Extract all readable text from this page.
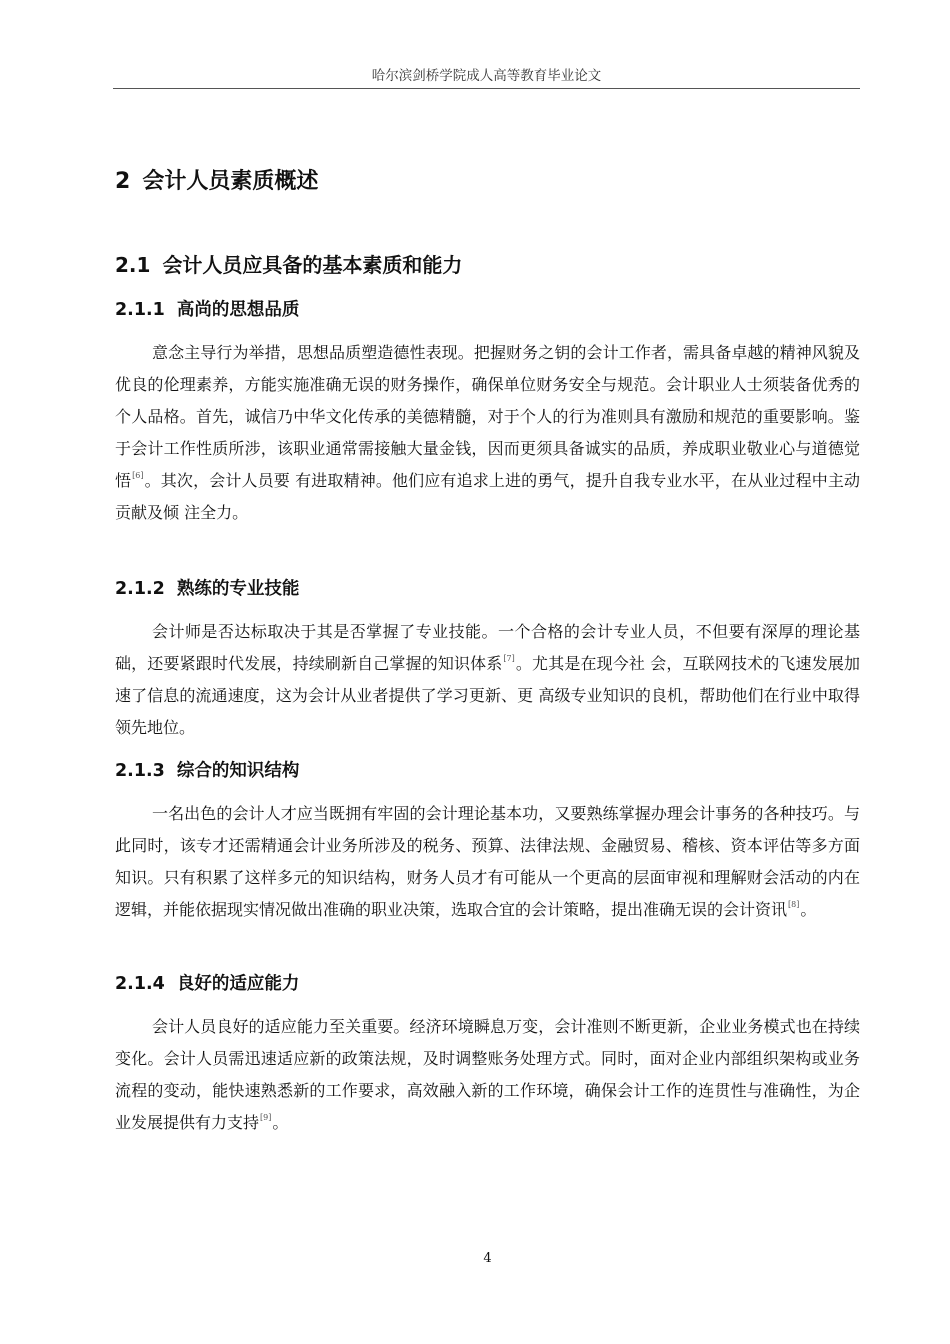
哈尔滨剑桥学院成人高等教育毕业论文
2 会计人员素质概述
2.1 会计人员应具备的基本素质和能力
2.1.1 高尚的思想品质

意念主导行为举措，思想品质塑造德性表现。把握财务之钥的会计工作者，需具备卓越的精神风貌及优良的伦理素养，方能实施准确无误的财务操作，确保单位财务安全与规范。会计职业人士须装备优秀的个人品格。首先，诚信乃中华文化传承的美德精髓，对于个人的行为准则具有激励和规范的重要影响。鉴于会计工作性质所涉，该职业通常需接触大量金钱，因而更须具备诚实的品质，养成职业敬业心与道德觉悟[6]。其次，会计人员要 有进取精神。他们应有追求上进的勇气，提升自我专业水平，在从业过程中主动贡献及倾 注全力。

2.1.2 熟练的专业技能

会计师是否达标取决于其是否掌握了专业技能。一个合格的会计专业人员，不但要有深厚的理论基础，还要紧跟时代发展，持续刷新自己掌握的知识体系[7]。尤其是在现今社 会，互联网技术的飞速发展加速了信息的流通速度，这为会计从业者提供了学习更新、更 高级专业知识的良机，帮助他们在行业中取得领先地位。

2.1.3 综合的知识结构

一名出色的会计人才应当既拥有牢固的会计理论基本功，又要熟练掌握办理会计事务的各种技巧。与此同时，该专才还需精通会计业务所涉及的税务、预算、法律法规、金融贸易、稽核、资本评估等多方面知识。只有积累了这样多元的知识结构，财务人员才有可能从一个更高的层面审视和理解财会活动的内在逻辑，并能依据现实情况做出准确的职业决策，选取合宜的会计策略，提出准确无误的会计资讯[8]。

2.1.4 良好的适应能力

会计人员良好的适应能力至关重要。经济环境瞬息万变，会计准则不断更新，企业业务模式也在持续变化。会计人员需迅速适应新的政策法规，及时调整账务处理方式。同时，面对企业内部组织架构或业务流程的变动，能快速熟悉新的工作要求，高效融入新的工作环境，确保会计工作的连贯性与准确性，为企业发展提供有力支持[9]。

4
